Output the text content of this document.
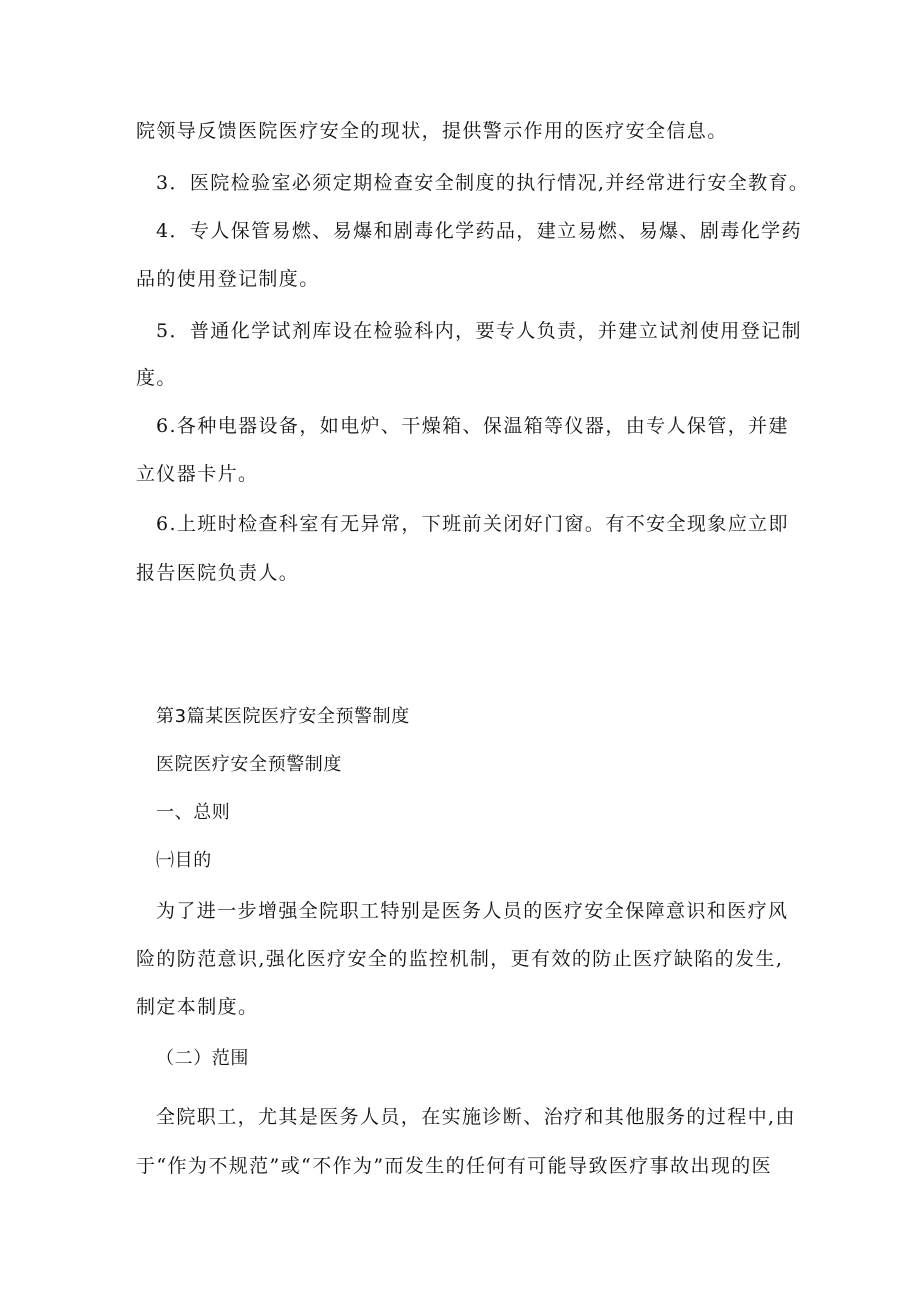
院领导反馈医院医疗安全的现状，提供警示作用的医疗安全信息。
3．医院检验室必须定期检查安全制度的执行情况,并经常进行安全教育。
4．专人保管易燃、易爆和剧毒化学药品，建立易燃、易爆、剧毒化学药
品的使用登记制度。
5．普通化学试剂库设在检验科内，要专人负责，并建立试剂使用登记制
度。
6.各种电器设备，如电炉、干燥箱、保温箱等仪器，由专人保管，并建
立仪器卡片。
6.上班时检查科室有无异常，下班前关闭好门窗。有不安全现象应立即
报告医院负责人。
第3篇某医院医疗安全预警制度
医院医疗安全预警制度
一、总则
㈠目的
为了进一步增强全院职工特别是医务人员的医疗安全保障意识和医疗风
险的防范意识,强化医疗安全的监控机制，更有效的防止医疗缺陷的发生,
制定本制度。
（二）范围
全院职工，尤其是医务人员，在实施诊断、治疗和其他服务的过程中,由
于“作为不规范”或“不作为”而发生的任何有可能导致医疗事故出现的医
